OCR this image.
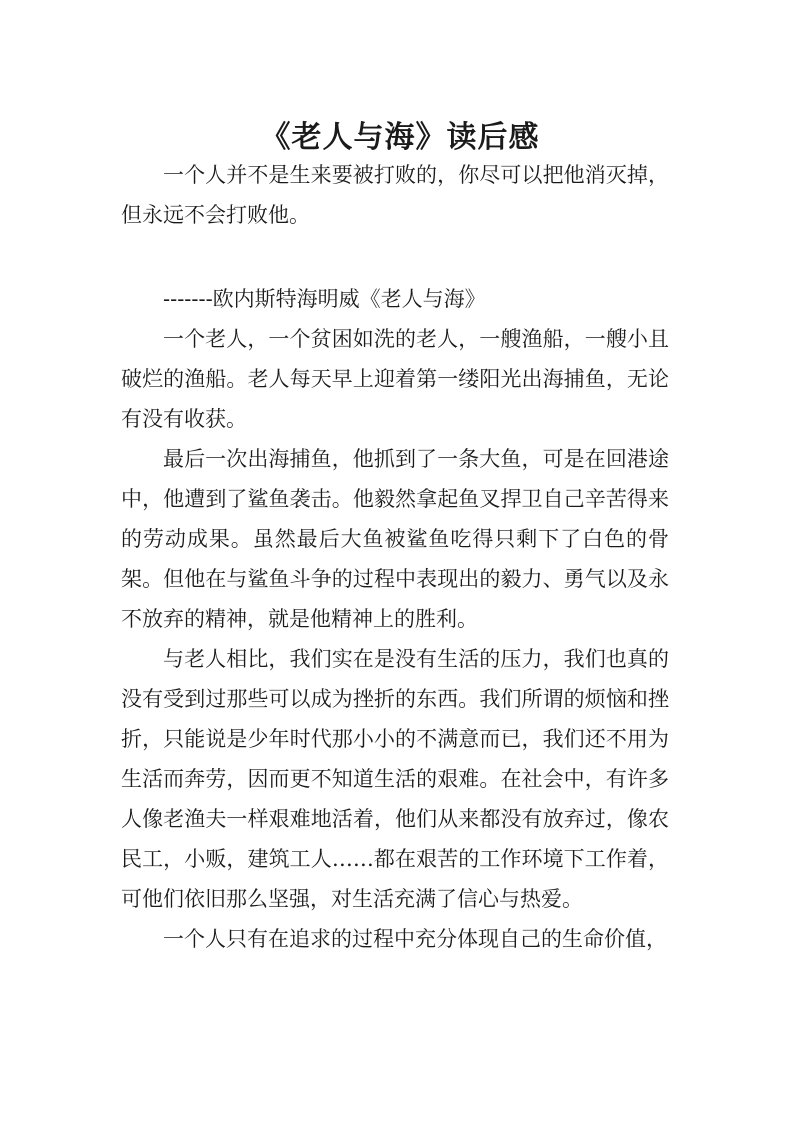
《老人与海》读后感

一个人并不是生来要被打败的，你尽可以把他消灭掉，但永远不会打败他。

-------欧内斯特海明威《老人与海》

一个老人，一个贫困如洗的老人，一艘渔船，一艘小且破烂的渔船。老人每天早上迎着第一缕阳光出海捕鱼，无论有没有收获。

最后一次出海捕鱼，他抓到了一条大鱼，可是在回港途中，他遭到了鲨鱼袭击。他毅然拿起鱼叉捍卫自己辛苦得来的劳动成果。虽然最后大鱼被鲨鱼吃得只剩下了白色的骨架。但他在与鲨鱼斗争的过程中表现出的毅力、勇气以及永不放弃的精神，就是他精神上的胜利。

与老人相比，我们实在是没有生活的压力，我们也真的没有受到过那些可以成为挫折的东西。我们所谓的烦恼和挫折，只能说是少年时代那小小的不满意而已，我们还不用为生活而奔劳，因而更不知道生活的艰难。在社会中，有许多人像老渔夫一样艰难地活着，他们从来都没有放弃过，像农民工，小贩，建筑工人……都在艰苦的工作环境下工作着，可他们依旧那么坚强，对生活充满了信心与热爱。

一个人只有在追求的过程中充分体现自己的生命价值，
